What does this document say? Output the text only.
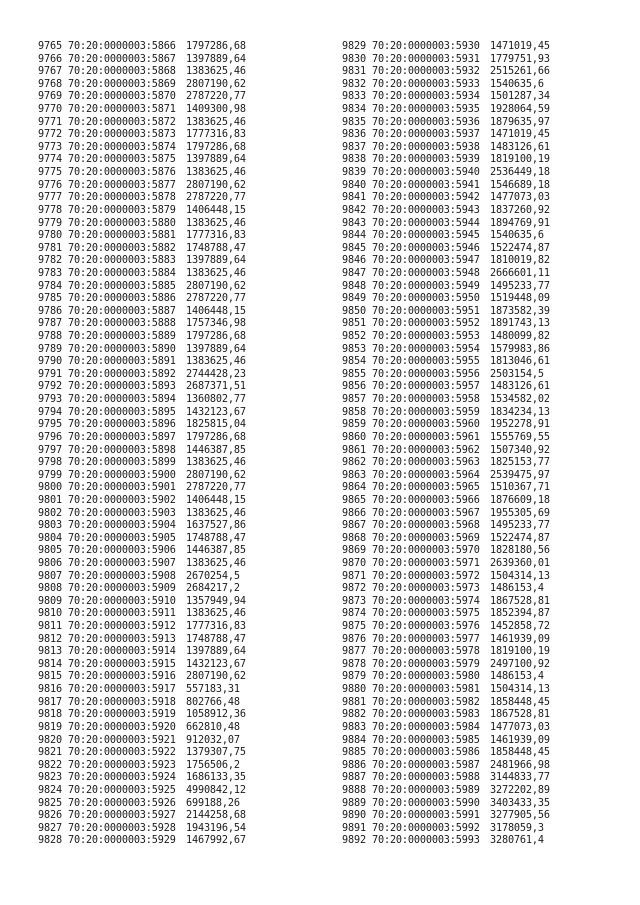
9765 70:20:0000003:5866 1797286,68
9766 70:20:0000003:5867 1397889,64
9767 70:20:0000003:5868 1383625,46
9768 70:20:0000003:5869 2807190,62
9769 70:20:0000003:5870 2787220,77
9770 70:20:0000003:5871 1409300,98
9771 70:20:0000003:5872 1383625,46
9772 70:20:0000003:5873 1777316,83
9773 70:20:0000003:5874 1797286,68
9774 70:20:0000003:5875 1397889,64
9775 70:20:0000003:5876 1383625,46
9776 70:20:0000003:5877 2807190,62
9777 70:20:0000003:5878 2787220,77
9778 70:20:0000003:5879 1406448,15
9779 70:20:0000003:5880 1383625,46
9780 70:20:0000003:5881 1777316,83
9781 70:20:0000003:5882 1748788,47
9782 70:20:0000003:5883 1397889,64
9783 70:20:0000003:5884 1383625,46
9784 70:20:0000003:5885 2807190,62
9785 70:20:0000003:5886 2787220,77
9786 70:20:0000003:5887 1406448,15
9787 70:20:0000003:5888 1757346,98
9788 70:20:0000003:5889 1797286,68
9789 70:20:0000003:5890 1397889,64
9790 70:20:0000003:5891 1383625,46
9791 70:20:0000003:5892 2744428,23
9792 70:20:0000003:5893 2687371,51
9793 70:20:0000003:5894 1360802,77
9794 70:20:0000003:5895 1432123,67
9795 70:20:0000003:5896 1825815,04
9796 70:20:0000003:5897 1797286,68
9797 70:20:0000003:5898 1446387,85
9798 70:20:0000003:5899 1383625,46
9799 70:20:0000003:5900 2807190,62
9800 70:20:0000003:5901 2787220,77
9801 70:20:0000003:5902 1406448,15
9802 70:20:0000003:5903 1383625,46
9803 70:20:0000003:5904 1637527,86
9804 70:20:0000003:5905 1748788,47
9805 70:20:0000003:5906 1446387,85
9806 70:20:0000003:5907 1383625,46
9807 70:20:0000003:5908 2670254,5
9808 70:20:0000003:5909 2684217,2
9809 70:20:0000003:5910 1357949,94
9810 70:20:0000003:5911 1383625,46
9811 70:20:0000003:5912 1777316,83
9812 70:20:0000003:5913 1748788,47
9813 70:20:0000003:5914 1397889,64
9814 70:20:0000003:5915 1432123,67
9815 70:20:0000003:5916 2807190,62
9816 70:20:0000003:5917 557183,31
9817 70:20:0000003:5918 802766,48
9818 70:20:0000003:5919 1058912,36
9819 70:20:0000003:5920 662810,48
9820 70:20:0000003:5921 912032,07
9821 70:20:0000003:5922 1379307,75
9822 70:20:0000003:5923 1756506,2
9823 70:20:0000003:5924 1686133,35
9824 70:20:0000003:5925 4990842,12
9825 70:20:0000003:5926 699188,26
9826 70:20:0000003:5927 2144258,68
9827 70:20:0000003:5928 1943196,54
9828 70:20:0000003:5929 1467992,67
9829 70:20:0000003:5930 1471019,45
9830 70:20:0000003:5931 1779751,93
9831 70:20:0000003:5932 2515261,66
9832 70:20:0000003:5933 1540635,6
9833 70:20:0000003:5934 1501287,34
9834 70:20:0000003:5935 1928064,59
9835 70:20:0000003:5936 1879635,97
9836 70:20:0000003:5937 1471019,45
9837 70:20:0000003:5938 1483126,61
9838 70:20:0000003:5939 1819100,19
9839 70:20:0000003:5940 2536449,18
9840 70:20:0000003:5941 1546689,18
9841 70:20:0000003:5942 1477073,03
9842 70:20:0000003:5943 1837260,92
9843 70:20:0000003:5944 1894769,91
9844 70:20:0000003:5945 1540635,6
9845 70:20:0000003:5946 1522474,87
9846 70:20:0000003:5947 1810019,82
9847 70:20:0000003:5948 2666601,11
9848 70:20:0000003:5949 1495233,77
9849 70:20:0000003:5950 1519448,09
9850 70:20:0000003:5951 1873582,39
9851 70:20:0000003:5952 1891743,13
9852 70:20:0000003:5953 1480099,82
9853 70:20:0000003:5954 1579983,86
9854 70:20:0000003:5955 1813046,61
9855 70:20:0000003:5956 2503154,5
9856 70:20:0000003:5957 1483126,61
9857 70:20:0000003:5958 1534582,02
9858 70:20:0000003:5959 1834234,13
9859 70:20:0000003:5960 1952278,91
9860 70:20:0000003:5961 1555769,55
9861 70:20:0000003:5962 1507340,92
9862 70:20:0000003:5963 1825153,77
9863 70:20:0000003:5964 2539475,97
9864 70:20:0000003:5965 1510367,71
9865 70:20:0000003:5966 1876609,18
9866 70:20:0000003:5967 1955305,69
9867 70:20:0000003:5968 1495233,77
9868 70:20:0000003:5969 1522474,87
9869 70:20:0000003:5970 1828180,56
9870 70:20:0000003:5971 2639360,01
9871 70:20:0000003:5972 1504314,13
9872 70:20:0000003:5973 1486153,4
9873 70:20:0000003:5974 1867528,81
9874 70:20:0000003:5975 1852394,87
9875 70:20:0000003:5976 1452858,72
9876 70:20:0000003:5977 1461939,09
9877 70:20:0000003:5978 1819100,19
9878 70:20:0000003:5979 2497100,92
9879 70:20:0000003:5980 1486153,4
9880 70:20:0000003:5981 1504314,13
9881 70:20:0000003:5982 1858448,45
9882 70:20:0000003:5983 1867528,81
9883 70:20:0000003:5984 1477073,03
9884 70:20:0000003:5985 1461939,09
9885 70:20:0000003:5986 1858448,45
9886 70:20:0000003:5987 2481966,98
9887 70:20:0000003:5988 3144833,77
9888 70:20:0000003:5989 3272202,89
9889 70:20:0000003:5990 3403433,35
9890 70:20:0000003:5991 3277905,56
9891 70:20:0000003:5992 3178059,3
9892 70:20:0000003:5993 3280761,4
